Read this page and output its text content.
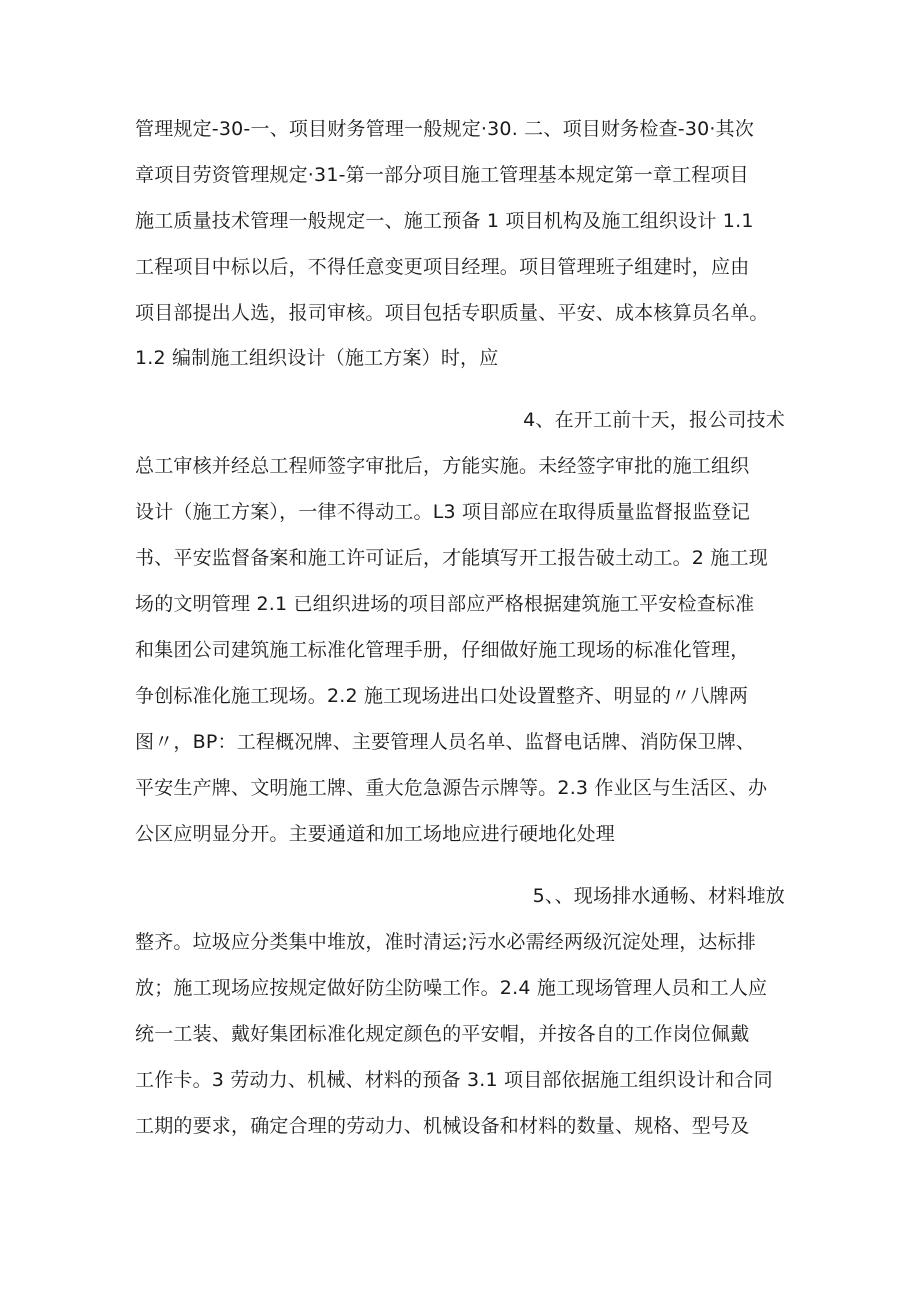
管理规定-30-一、项目财务管理一般规定·30. 二、项目财务检查-30·其次
章项目劳资管理规定·31-第一部分项目施工管理基本规定第一章工程项目
施工质量技术管理一般规定一、施工预备 1 项目机构及施工组织设计 1.1
工程项目中标以后，不得任意变更项目经理。项目管理班子组建时，应由
项目部提出人选，报司审核。项目包括专职质量、平安、成本核算员名单。
1.2 编制施工组织设计（施工方案）时，应
4、在开工前十天，报公司技术
总工审核并经总工程师签字审批后，方能实施。未经签字审批的施工组织
设计（施工方案），一律不得动工。L3 项目部应在取得质量监督报监登记
书、平安监督备案和施工许可证后，才能填写开工报告破土动工。2 施工现
场的文明管理 2.1 已组织进场的项目部应严格根据建筑施工平安检查标准
和集团公司建筑施工标准化管理手册，仔细做好施工现场的标准化管理，
争创标准化施工现场。2.2 施工现场进出口处设置整齐、明显的〃八牌两
图〃，BP：工程概况牌、主要管理人员名单、监督电话牌、消防保卫牌、
平安生产牌、文明施工牌、重大危急源告示牌等。2.3 作业区与生活区、办
公区应明显分开。主要通道和加工场地应进行硬地化处理
5、、现场排水通畅、材料堆放
整齐。垃圾应分类集中堆放，准时清运;污水必需经两级沉淀处理，达标排
放；施工现场应按规定做好防尘防噪工作。2.4 施工现场管理人员和工人应
统一工装、戴好集团标准化规定颜色的平安帽，并按各自的工作岗位佩戴
工作卡。3 劳动力、机械、材料的预备 3.1 项目部依据施工组织设计和合同
工期的要求，确定合理的劳动力、机械设备和材料的数量、规格、型号及
